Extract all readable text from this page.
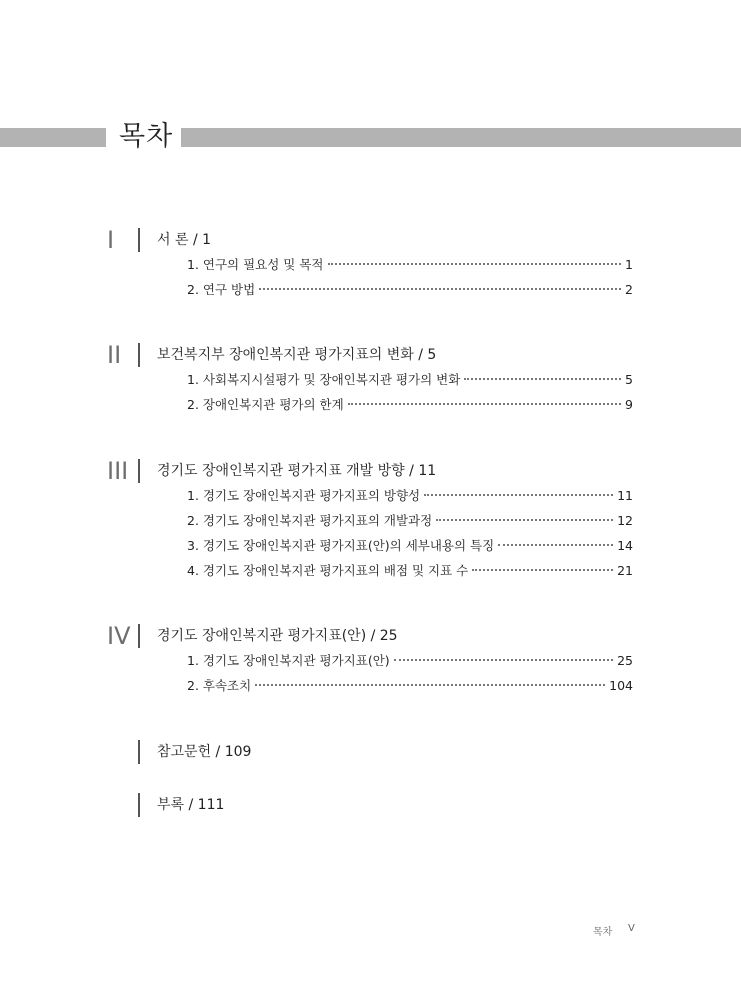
목차
I	서 론 / 1
1. 연구의 필요성 및 목적	1
2. 연구 방법	2
II	보건복지부 장애인복지관 평가지표의 변화 / 5
1. 사회복지시설평가 및 장애인복지관 평가의 변화	5
2. 장애인복지관 평가의 한계	9
III 경기도 장애인복지관 평가지표 개발 방향 / 11
1. 경기도 장애인복지관 평가지표의 방향성	11
2. 경기도 장애인복지관 평가지표의 개발과정	12
3. 경기도 장애인복지관 평가지표(안)의 세부내용의 특징	14
4. 경기도 장애인복지관 평가지표의 배점 및 지표 수	21
IV 경기도 장애인복지관 평가지표(안) / 25
1. 경기도 장애인복지관 평가지표(안)	25
2. 후속조치	104
참고문헌 / 109
부록 / 111
목차 V
